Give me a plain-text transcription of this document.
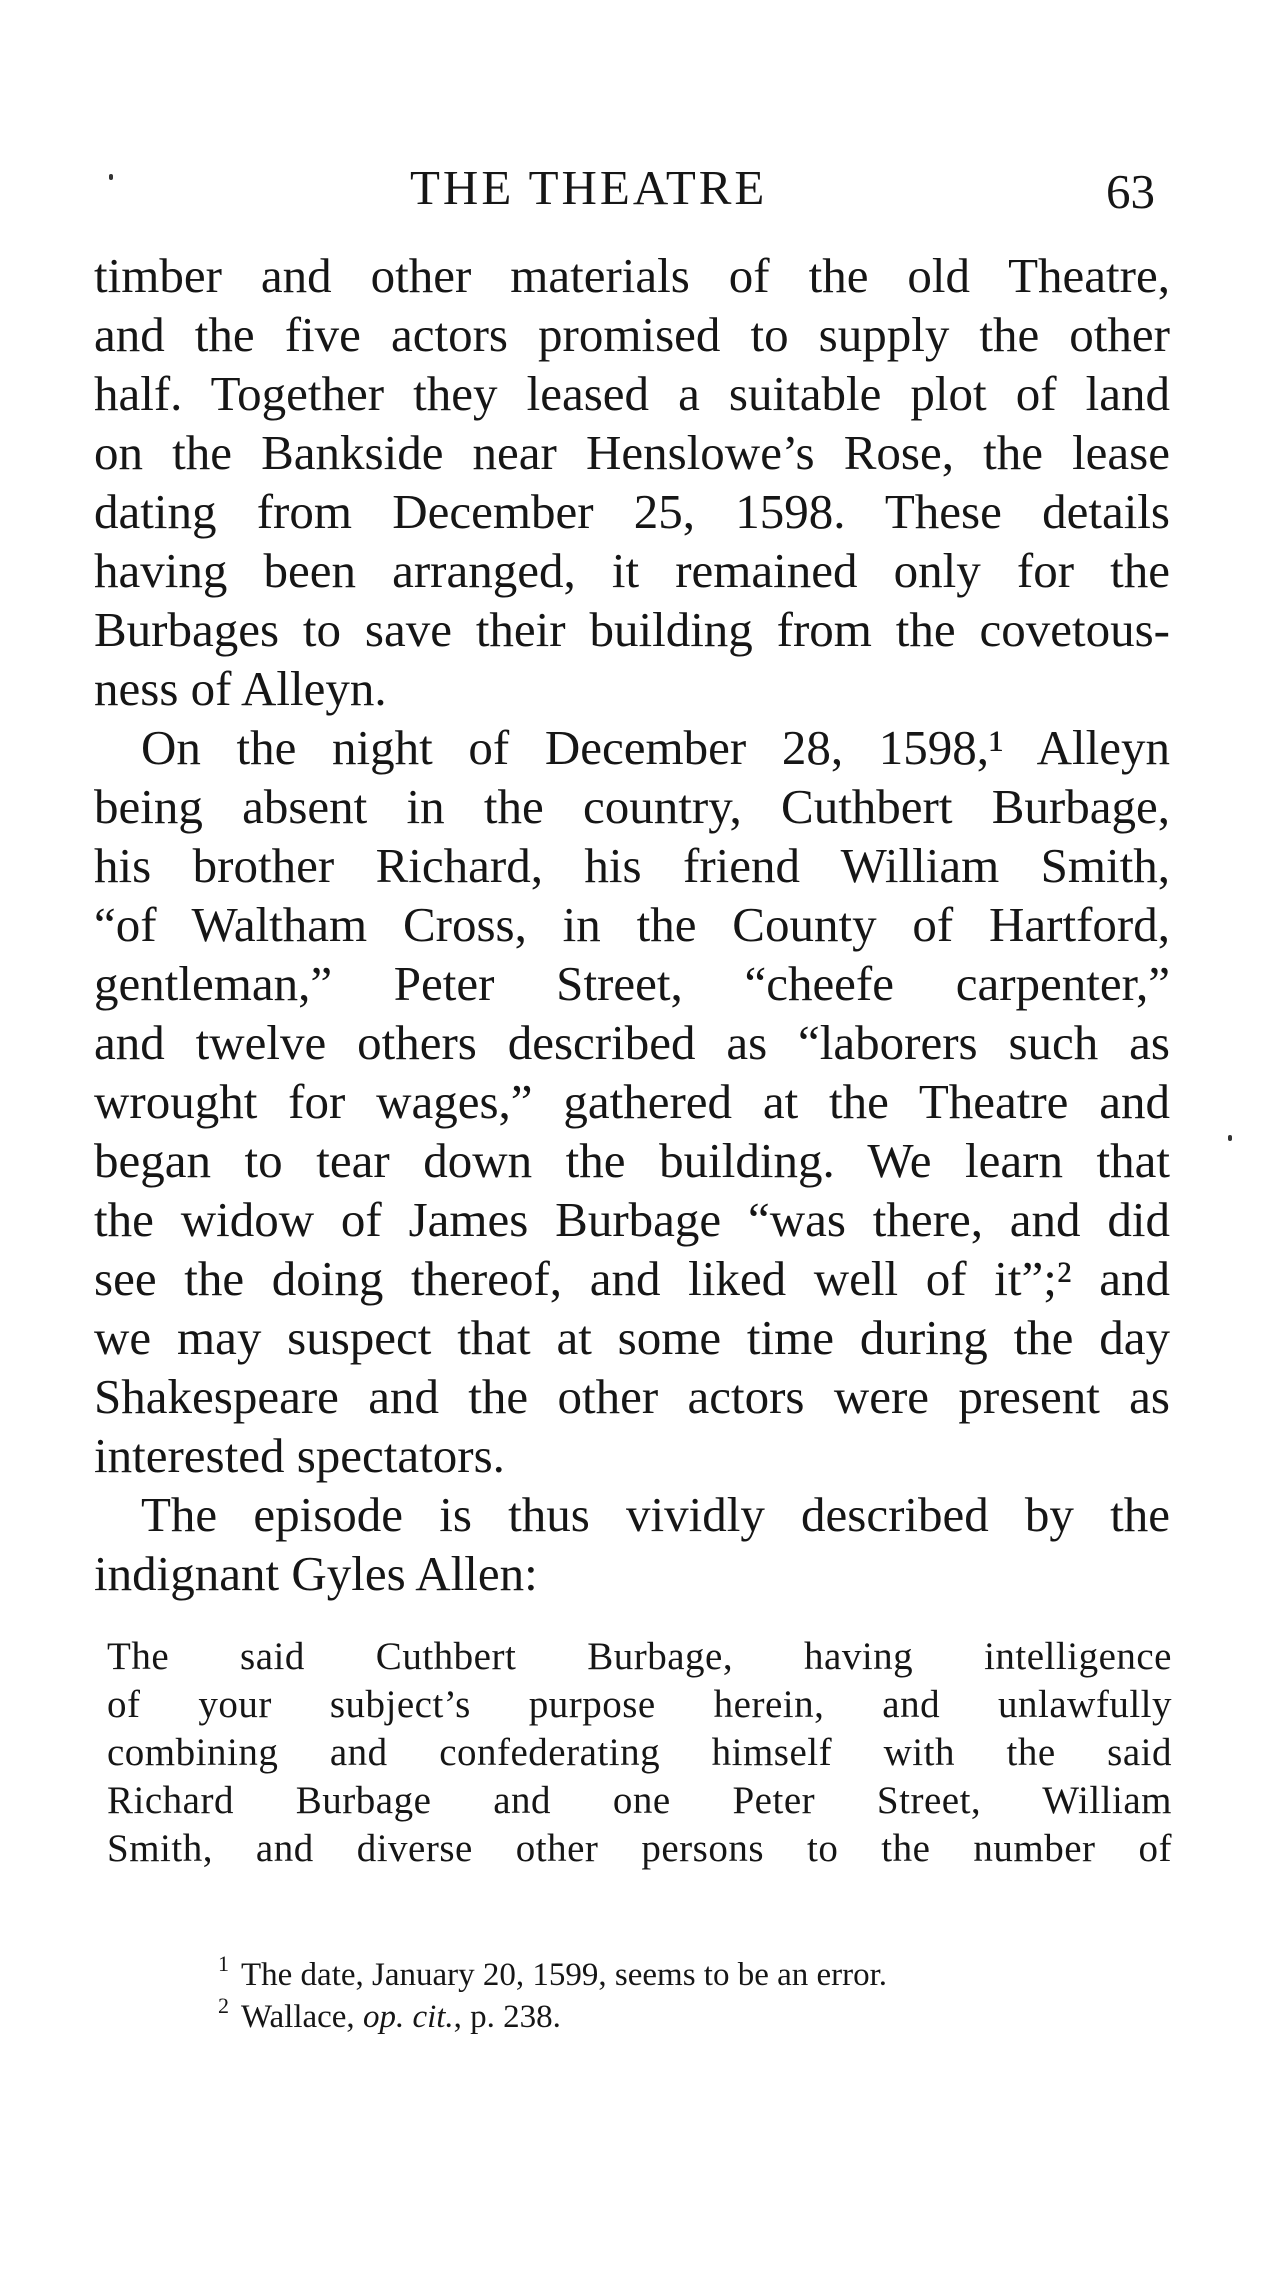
THE THEATRE	63
timber and other materials of the old Theatre,
and the five actors promised to supply the other
half. Together they leased a suitable plot of land
on the Bankside near Henslowe’s Rose, the lease
dating from December 25, 1598. These details
having been arranged, it remained only for the
Burbages to save their building from the covetous-
ness of Alleyn.
On the night of December 28, 1598,¹ Alleyn
being absent in the country, Cuthbert Burbage,
his brother Richard, his friend William Smith,
“of Waltham Cross, in the County of Hartford,
gentleman,” Peter Street, “cheefe carpenter,”
and twelve others described as “laborers such as
wrought for wages,” gathered at the Theatre and
began to tear down the building. We learn that
the widow of James Burbage “was there, and did
see the doing thereof, and liked well of it”;² and
we may suspect that at some time during the day
Shakespeare and the other actors were present as
interested spectators.
The episode is thus vividly described by the
indignant Gyles Allen:
The said Cuthbert Burbage, having intelligence
of your subject’s purpose herein, and unlawfully
combining and confederating himself with the said
Richard Burbage and one Peter Street, William
Smith, and diverse other persons to the number of
$^1$ The date, January 20, 1599, seems to be an error.
$^2$ Wallace, op. cit., p. 238.
